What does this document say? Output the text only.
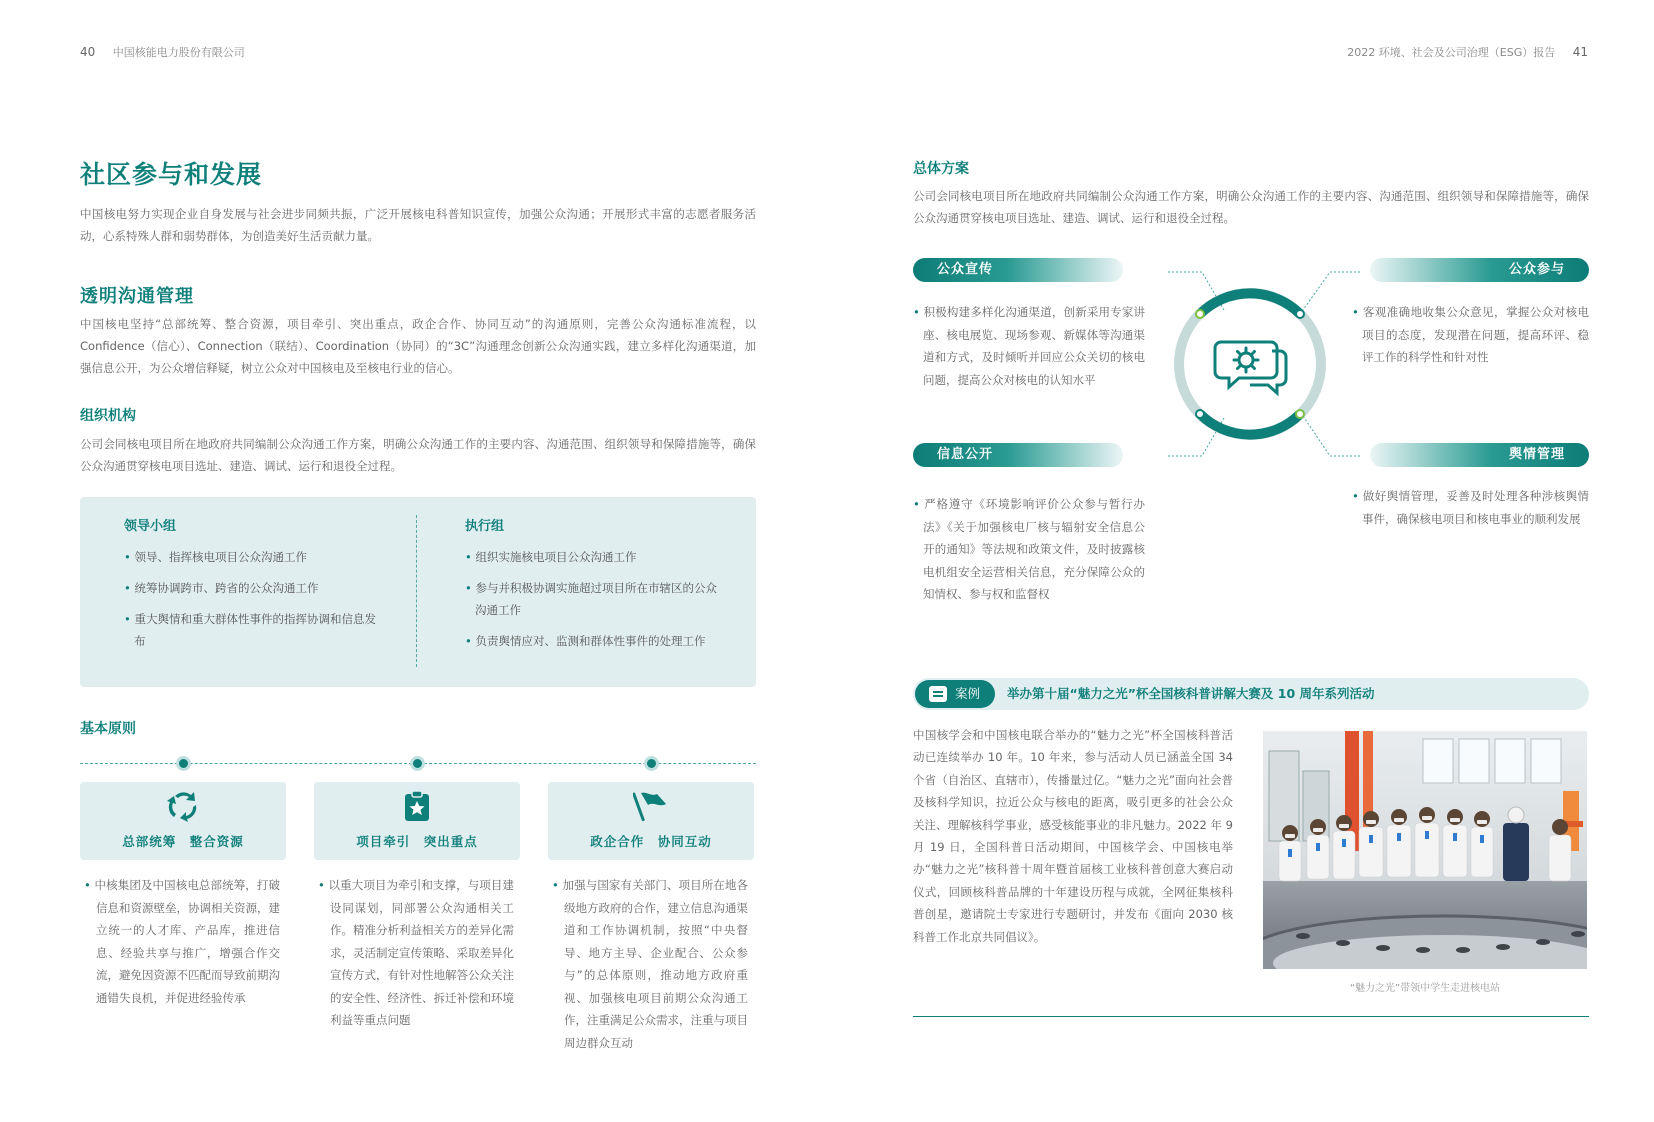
40 中国核能电力股份有限公司	2022 环境、社会及公司治理（ESG）报告 41
社区参与和发展
中国核电努力实现企业自身发展与社会进步同频共振，广泛开展核电科普知识宣传，加强公众沟通；开展形式丰富的志愿者服务活动，心系特殊人群和弱势群体，为创造美好生活贡献力量。
透明沟通管理
中国核电坚持“总部统筹、整合资源，项目牵引、突出重点，政企合作、协同互动”的沟通原则，完善公众沟通标准流程，以 Confidence（信心）、Connection（联结）、Coordination（协同）的“3C”沟通理念创新公众沟通实践，建立多样化沟通渠道，加强信息公开，为公众增信释疑，树立公众对中国核电及至核电行业的信心。
组织机构
公司会同核电项目所在地政府共同编制公众沟通工作方案，明确公众沟通工作的主要内容、沟通范围、组织领导和保障措施等，确保公众沟通贯穿核电项目选址、建造、调试、运行和退役全过程。
领导小组
• 领导、指挥核电项目公众沟通工作
• 统筹协调跨市、跨省的公众沟通工作
• 重大舆情和重大群体性事件的指挥协调和信息发布
执行组
• 组织实施核电项目公众沟通工作
• 参与并积极协调实施超过项目所在市辖区的公众沟通工作
• 负责舆情应对、监测和群体性事件的处理工作
基本原则
总部统筹　整合资源	项目牵引　突出重点	政企合作　协同互动
• 中核集团及中国核电总部统筹，打破信息和资源壁垒，协调相关资源，建立统一的人才库、产品库，推进信息、经验共享与推广，增强合作交流，避免因资源不匹配而导致前期沟通错失良机，并促进经验传承
• 以重大项目为牵引和支撑，与项目建设同谋划，同部署公众沟通相关工作。精准分析利益相关方的差异化需求，灵活制定宣传策略、采取差异化宣传方式，有针对性地解答公众关注的安全性、经济性、拆迁补偿和环境利益等重点问题
• 加强与国家有关部门、项目所在地各级地方政府的合作，建立信息沟通渠道和工作协调机制，按照“中央督导、地方主导、企业配合、公众参与”的总体原则，推动地方政府重视、加强核电项目前期公众沟通工作，注重满足公众需求，注重与项目周边群众互动
总体方案
公司会同核电项目所在地政府共同编制公众沟通工作方案，明确公众沟通工作的主要内容、沟通范围、组织领导和保障措施等，确保公众沟通贯穿核电项目选址、建造、调试、运行和退役全过程。
公众宣传
• 积极构建多样化沟通渠道，创新采用专家讲座、核电展览、现场参观、新媒体等沟通渠道和方式，及时倾听并回应公众关切的核电问题，提高公众对核电的认知水平
公众参与
• 客观准确地收集公众意见，掌握公众对核电项目的态度，发现潜在问题，提高环评、稳评工作的科学性和针对性
信息公开
• 严格遵守《环境影响评价公众参与暂行办法》《关于加强核电厂核与辐射安全信息公开的通知》等法规和政策文件，及时披露核电机组安全运营相关信息，充分保障公众的知情权、参与权和监督权
舆情管理
• 做好舆情管理，妥善及时处理各种涉核舆情事件，确保核电项目和核电事业的顺利发展
案例	举办第十届“魅力之光”杯全国核科普讲解大赛及 10 周年系列活动
中国核学会和中国核电联合举办的“魅力之光”杯全国核科普活动已连续举办 10 年。10 年来，参与活动人员已涵盖全国 34 个省（自治区、直辖市），传播量过亿。“魅力之光”面向社会普及核科学知识，拉近公众与核电的距离，吸引更多的社会公众关注、理解核科学事业，感受核能事业的非凡魅力。2022 年 9 月 19 日，全国科普日活动期间，中国核学会、中国核电举办“魅力之光”核科普十周年暨首届核工业核科普创意大赛启动仪式，回顾核科普品牌的十年建设历程与成就，全网征集核科普创星，邀请院士专家进行专题研讨，并发布《面向 2030 核科普工作北京共同倡议》。
“魅力之光”带领中学生走进核电站
